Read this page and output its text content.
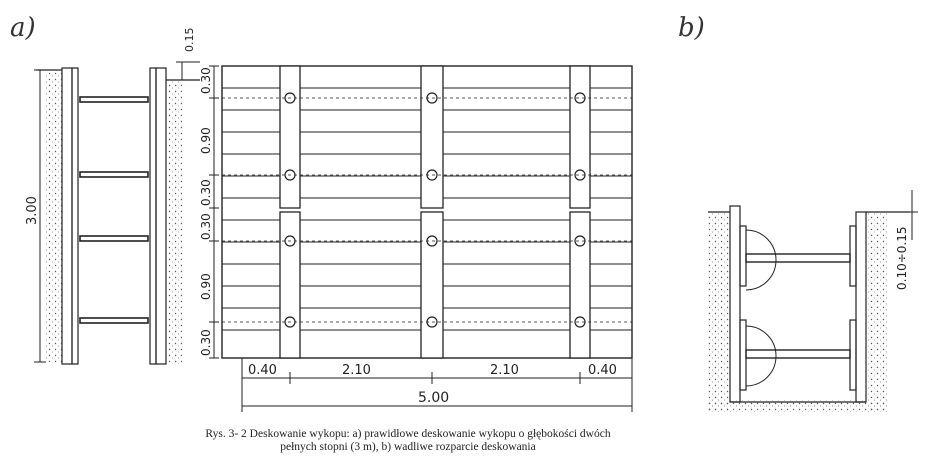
a)
3.00
0.15
0.30
0.90
0.30
0.30
0.90
0.30
0.40	2.10	2.10	0.40
5.00
b)
0.10÷0.15
Rys. 3- 2 Deskowanie wykopu: a) prawidłowe deskowanie wykopu o głębokości dwóch
pełnych stopni (3 m), b) wadliwe rozparcie deskowania
